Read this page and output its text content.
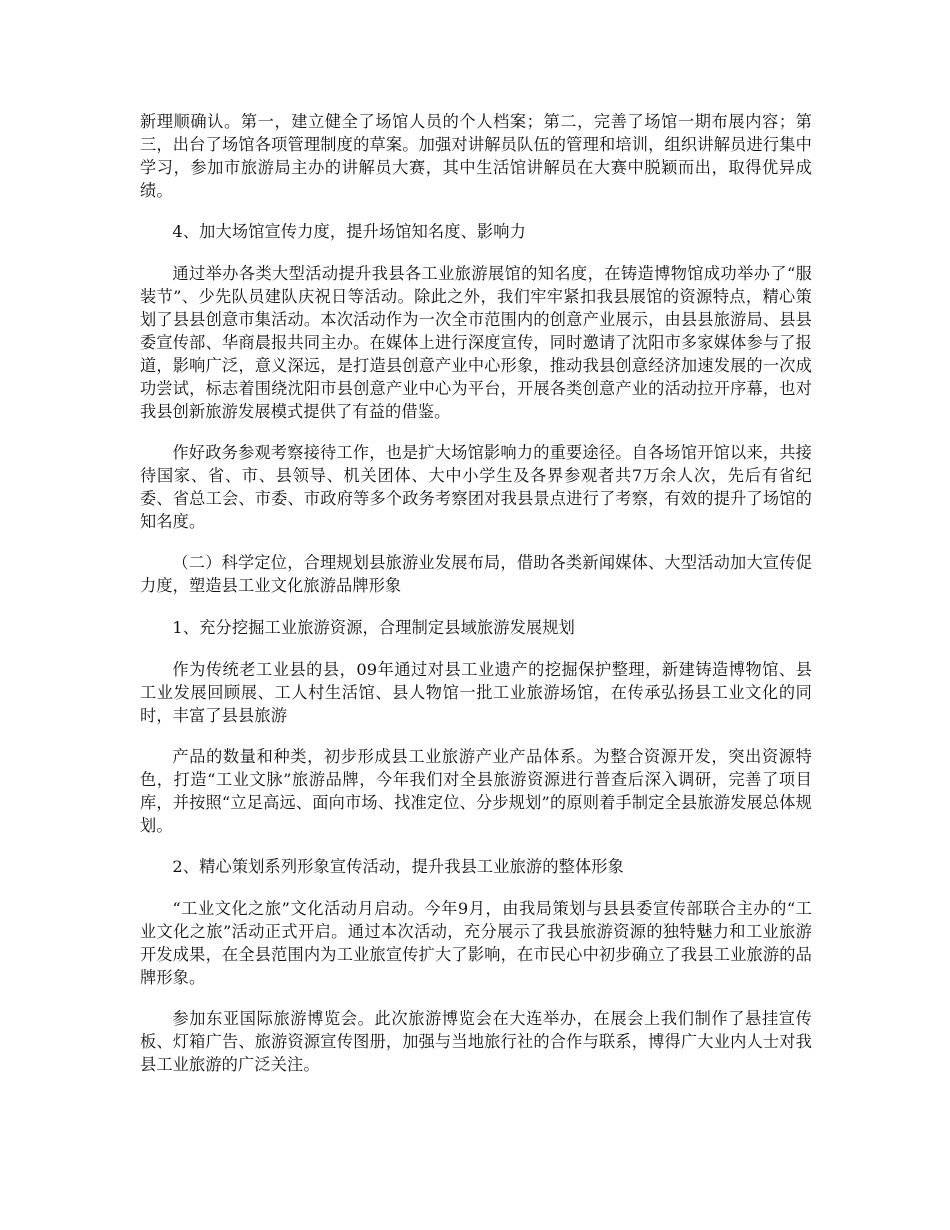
新理顺确认。第一，建立健全了场馆人员的个人档案；第二，完善了场馆一期布展内容；第三，出台了场馆各项管理制度的草案。加强对讲解员队伍的管理和培训，组织讲解员进行集中学习，参加市旅游局主办的讲解员大赛，其中生活馆讲解员在大赛中脱颖而出，取得优异成绩。

4、加大场馆宣传力度，提升场馆知名度、影响力

通过举办各类大型活动提升我县各工业旅游展馆的知名度，在铸造博物馆成功举办了“服装节”、少先队员建队庆祝日等活动。除此之外，我们牢牢紧扣我县展馆的资源特点，精心策划了县县创意市集活动。本次活动作为一次全市范围内的创意产业展示，由县县旅游局、县县委宣传部、华商晨报共同主办。在媒体上进行深度宣传，同时邀请了沈阳市多家媒体参与了报道，影响广泛，意义深远，是打造县创意产业中心形象，推动我县创意经济加速发展的一次成功尝试，标志着围绕沈阳市县创意产业中心为平台，开展各类创意产业的活动拉开序幕，也对我县创新旅游发展模式提供了有益的借鉴。

作好政务参观考察接待工作，也是扩大场馆影响力的重要途径。自各场馆开馆以来，共接待国家、省、市、县领导、机关团体、大中小学生及各界参观者共7万余人次，先后有省纪委、省总工会、市委、市政府等多个政务考察团对我县景点进行了考察，有效的提升了场馆的知名度。

（二）科学定位，合理规划县旅游业发展布局，借助各类新闻媒体、大型活动加大宣传促力度，塑造县工业文化旅游品牌形象

1、充分挖掘工业旅游资源，合理制定县域旅游发展规划

作为传统老工业县的县，09年通过对县工业遗产的挖掘保护整理，新建铸造博物馆、县工业发展回顾展、工人村生活馆、县人物馆一批工业旅游场馆，在传承弘扬县工业文化的同时，丰富了县县旅游

产品的数量和种类，初步形成县工业旅游产业产品体系。为整合资源开发，突出资源特色，打造“工业文脉”旅游品牌，今年我们对全县旅游资源进行普查后深入调研，完善了项目库，并按照“立足高远、面向市场、找准定位、分步规划”的原则着手制定全县旅游发展总体规划。

2、精心策划系列形象宣传活动，提升我县工业旅游的整体形象

“工业文化之旅”文化活动月启动。今年9月，由我局策划与县县委宣传部联合主办的“工业文化之旅”活动正式开启。通过本次活动，充分展示了我县旅游资源的独特魅力和工业旅游开发成果，在全县范围内为工业旅宣传扩大了影响，在市民心中初步确立了我县工业旅游的品牌形象。

参加东亚国际旅游博览会。此次旅游博览会在大连举办，在展会上我们制作了悬挂宣传板、灯箱广告、旅游资源宣传图册，加强与当地旅行社的合作与联系，博得广大业内人士对我县工业旅游的广泛关注。
